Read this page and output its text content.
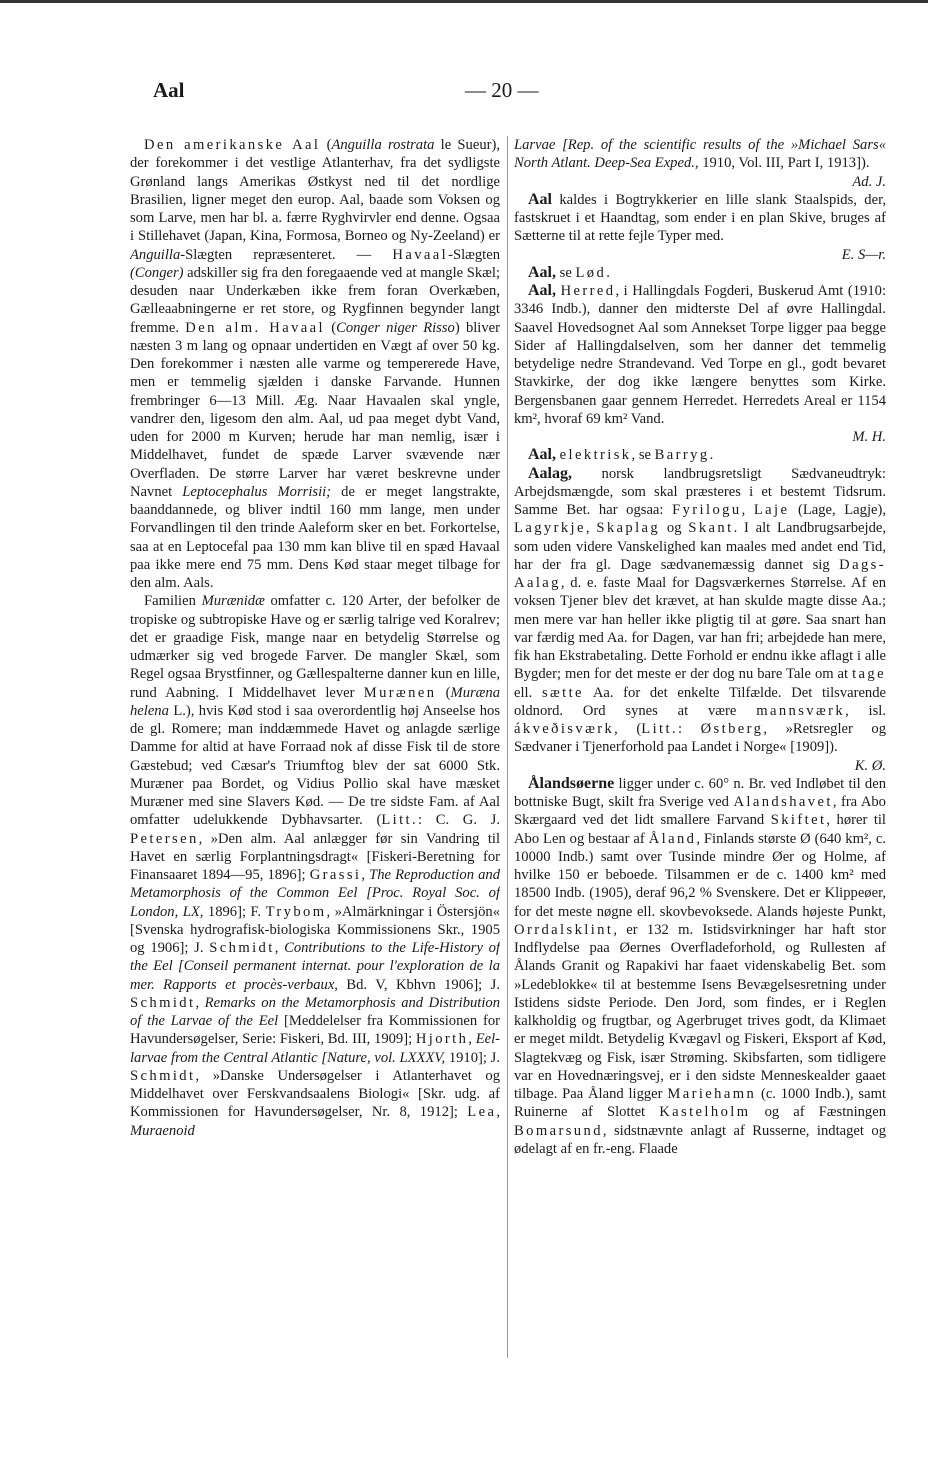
Aal	— 20 —

Den amerikanske Aal (Anguilla rostrata le Sueur), der forekommer i det vestlige Atlanterhav, fra det sydligste Grønland langs Amerikas Østkyst ned til det nordlige Brasilien, ligner meget den europ. Aal, baade som Voksen og som Larve, men har bl. a. færre Ryghvirvler end denne. Ogsaa i Stillehavet (Japan, Kina, Formosa, Borneo og Ny-Zeeland) er Anguilla-Slægten repræsenteret. — Havaal-Slægten (Conger) adskiller sig fra den foregaaende ved at mangle Skæl; desuden naar Underkæben ikke frem foran Overkæben, Gælleaabningerne er ret store, og Rygfinnen begynder langt fremme. Den alm. Havaal (Conger niger Risso) bliver næsten 3 m lang og opnaar undertiden en Vægt af over 50 kg. Den forekommer i næsten alle varme og tempererede Have, men er temmelig sjælden i danske Farvande. Hunnen frembringer 6—13 Mill. Æg. Naar Havaalen skal yngle, vandrer den, ligesom den alm. Aal, ud paa meget dybt Vand, uden for 2000 m Kurven; herude har man nemlig, især i Middelhavet, fundet de spæde Larver svævende nær Overfladen. De større Larver har været beskrevne under Navnet Leptocephalus Morrisii; de er meget langstrakte, baanddannede, og bliver indtil 160 mm lange, men under Forvandlingen til den trinde Aaleform sker en bet. Forkortelse, saa at en Leptocefal paa 130 mm kan blive til en spæd Havaal paa ikke mere end 75 mm. Dens Kød staar meget tilbage for den alm. Aals.

Familien Murænidæ omfatter c. 120 Arter, der befolker de tropiske og subtropiske Have og er særlig talrige ved Koralrev; det er graadige Fisk, mange naar en betydelig Størrelse og udmærker sig ved brogede Farver. De mangler Skæl, som Regel ogsaa Brystfinner, og Gællespalterne danner kun en lille, rund Aabning. I Middelhavet lever Murænen (Muræna helena L.), hvis Kød stod i saa overordentlig høj Anseelse hos de gl. Romere; man inddæmmede Havet og anlagde særlige Damme for altid at have Forraad nok af disse Fisk til de store Gæstebud; ved Cæsar's Triumftog blev der sat 6000 Stk. Muræner paa Bordet, og Vidius Pollio skal have mæsket Muræner med sine Slavers Kød. — De tre sidste Fam. af Aal omfatter udelukkende Dybhavsarter. (Litt.: C. G. J. Petersen, »Den alm. Aal anlægger før sin Vandring til Havet en særlig Forplantningsdragt« [Fiskeri-Beretning for Finansaaret 1894—95, 1896]; Grassi, The Reproduction and Metamorphosis of the Common Eel [Proc. Royal Soc. of London, LX, 1896]; F. Trybom, »Almärkningar i Östersjön« [Svenska hydrografisk-biologiska Kommissionens Skr., 1905 og 1906]; J. Schmidt, Contributions to the Life-History of the Eel [Conseil permanent internat. pour l'exploration de la mer. Rapports et procès-verbaux, Bd. V, Kbhvn 1906]; J. Schmidt, Remarks on the Metamorphosis and Distribution of the Larvae of the Eel [Meddelelser fra Kommissionen for Havundersøgelser, Serie: Fiskeri, Bd. III, 1909]; Hjorth, Eel-larvae from the Central Atlantic [Nature, vol. LXXXV, 1910]; J. Schmidt, »Danske Undersøgelser i Atlanterhavet og Middelhavet over Ferskvandsaalens Biologi« [Skr. udg. af Kommissionen for Havundersøgelser, Nr. 8, 1912]; Lea, Muraenoid

Larvae [Rep. of the scientific results of the »Michael Sars« North Atlant. Deep-Sea Exped., 1910, Vol. III, Part I, 1913]).
Ad. J.

Aal kaldes i Bogtrykkerier en lille slank Staalspids, der, fastskruet i et Haandtag, som ender i en plan Skive, bruges af Sætterne til at rette fejle Typer med.
E. S—r.

Aal, se Lød.

Aal, Herred, i Hallingdals Fogderi, Buskerud Amt (1910: 3346 Indb.), danner den midterste Del af øvre Hallingdal. Saavel Hovedsognet Aal som Annekset Torpe ligger paa begge Sider af Hallingdalselven, som her danner det temmelig betydelige nedre Strandevand. Ved Torpe en gl., godt bevaret Stavkirke, der dog ikke længere benyttes som Kirke. Bergensbanen gaar gennem Herredet. Herredets Areal er 1154 km², hvoraf 69 km² Vand.
M. H.

Aal, elektrisk, se Barryg.

Aalag, norsk landbrugsretsligt Sædvaneudtryk: Arbejdsmængde, som skal præsteres i et bestemt Tidsrum. Samme Bet. har ogsaa: Fyrilogu, Laje (Lage, Lagje), Lagyrkje, Skaplag og Skant. I alt Landbrugsarbejde, som uden videre Vanskelighed kan maales med andet end Tid, har der fra gl. Dage sædvanemæssig dannet sig Dags-Aalag, d. e. faste Maal for Dagsværkernes Størrelse. Af en voksen Tjener blev det krævet, at han skulde magte disse Aa.; men mere var han heller ikke pligtig til at gøre. Saa snart han var færdig med Aa. for Dagen, var han fri; arbejdede han mere, fik han Ekstrabetaling. Dette Forhold er endnu ikke aflagt i alle Bygder; men for det meste er der dog nu bare Tale om at tage ell. sætte Aa. for det enkelte Tilfælde. Det tilsvarende oldnord. Ord synes at være mannsværk, isl. ákveðisværk, (Litt.: Østberg, »Retsregler og Sædvaner i Tjenerforhold paa Landet i Norge« [1909]).
K. Ø.

Ålandsøerne ligger under c. 60° n. Br. ved Indløbet til den bottniske Bugt, skilt fra Sverige ved Alandshavet, fra Abo Skærgaard ved det lidt smallere Farvand Skiftet, hører til Abo Len og bestaar af Åland, Finlands største Ø (640 km², c. 10000 Indb.) samt over Tusinde mindre Øer og Holme, af hvilke 150 er beboede. Tilsammen er de c. 1400 km² med 18500 Indb. (1905), deraf 96,2 % Svenskere. Det er Klippeøer, for det meste nøgne ell. skovbevoksede. Alands højeste Punkt, Orrdalsklint, er 132 m. Istidsvirkninger har haft stor Indflydelse paa Øernes Overfladeforhold, og Rullesten af Ålands Granit og Rapakivi har faaet videnskabelig Bet. som »Ledeblokke« til at bestemme Isens Bevægelsesretning under Istidens sidste Periode. Den Jord, som findes, er i Reglen kalkholdig og frugtbar, og Agerbruget trives godt, da Klimaet er meget mildt. Betydelig Kvægavl og Fiskeri, Eksport af Kød, Slagtekvæg og Fisk, især Strøming. Skibsfarten, som tidligere var en Hovednæringsvej, er i den sidste Menneskealder gaaet tilbage. Paa Åland ligger Mariehamn (c. 1000 Indb.), samt Ruinerne af Slottet Kastelholm og af Fæstningen Bomarsund, sidstnævnte anlagt af Russerne, indtaget og ødelagt af en fr.-eng. Flaade
